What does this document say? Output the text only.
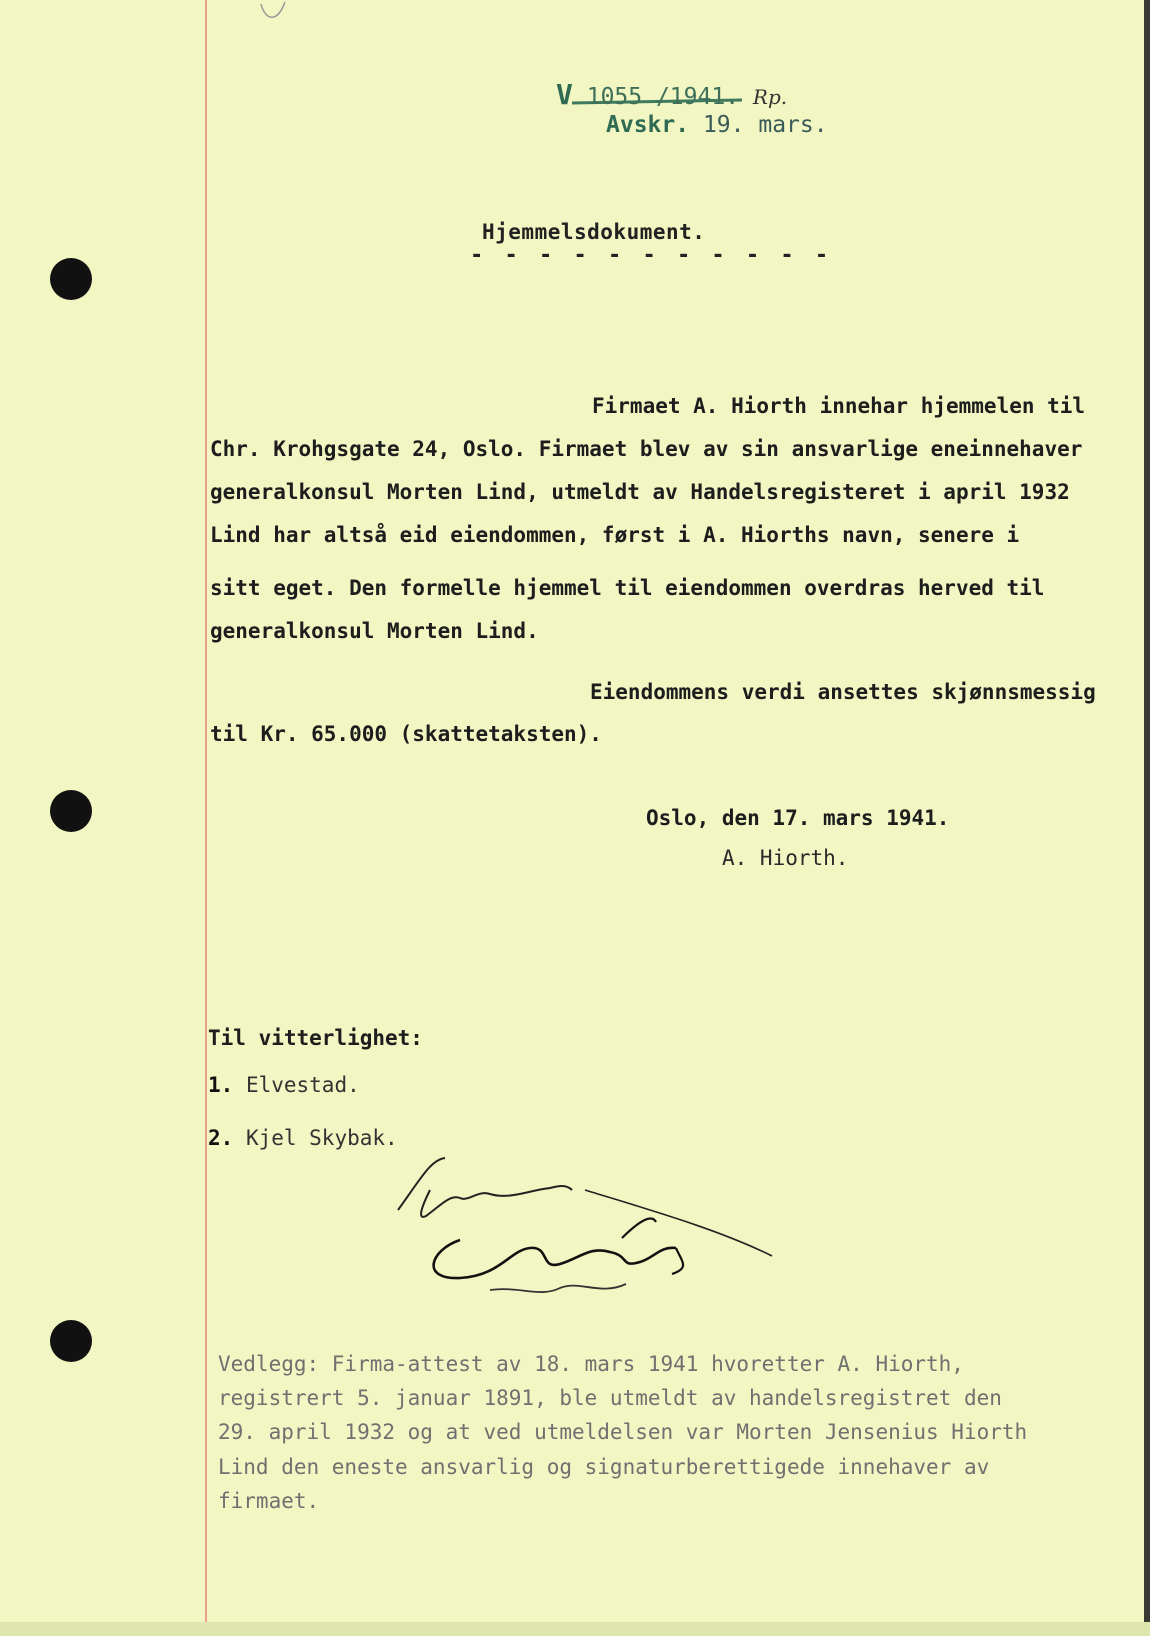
V 1055 /1941. Rp.
Avskr. 19. mars.
Hjemmelsdokument.
- - - - - - - - - - -
Firmaet A. Hiorth innehar hjemmelen til
Chr. Krohgsgate 24, Oslo. Firmaet blev av sin ansvarlige eneinnehaver
generalkonsul Morten Lind, utmeldt av Handelsregisteret i april 1932
Lind har altså eid eiendommen, først i A. Hiorths navn, senere i
sitt eget. Den formelle hjemmel til eiendommen overdras herved til
generalkonsul Morten Lind.
Eiendommens verdi ansettes skjønnsmessig
til Kr. 65.000 (skattetaksten).
Oslo, den 17. mars 1941.
A. Hiorth.
Til vitterlighet:
1. Elvestad.
2. Kjel Skybak.
Vedlegg: Firma-attest av 18. mars 1941 hvoretter A. Hiorth,
registrert 5. januar 1891, ble utmeldt av handelsregistret den
29. april 1932 og at ved utmeldelsen var Morten Jensenius Hiorth
Lind den eneste ansvarlig og signaturberettigede innehaver av
firmaet.
